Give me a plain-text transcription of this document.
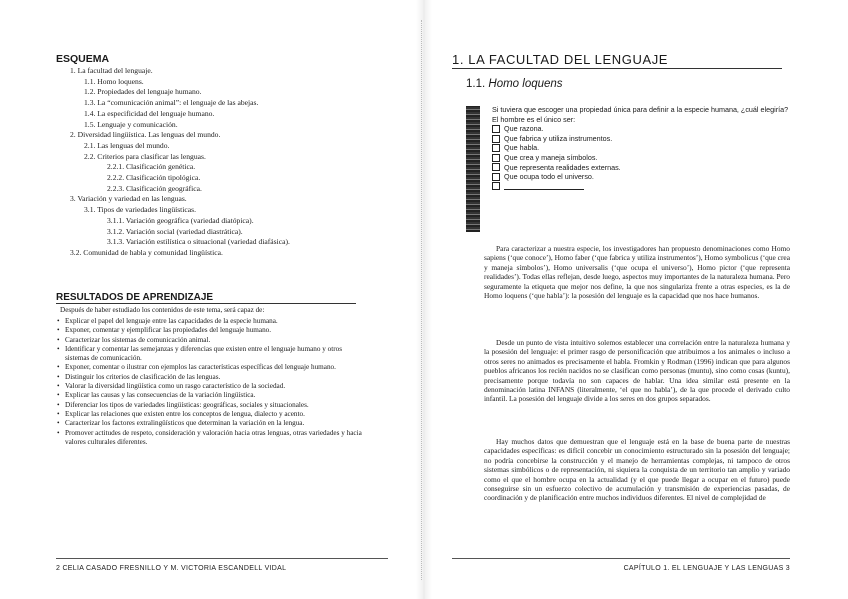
ESQUEMA
1. La facultad del lenguaje.
1.1. Homo loquens.
1.2. Propiedades del lenguaje humano.
1.3. La “comunicación animal”: el lenguaje de las abejas.
1.4. La especificidad del lenguaje humano.
1.5. Lenguaje y comunicación.
2. Diversidad lingüística. Las lenguas del mundo.
2.1. Las lenguas del mundo.
2.2. Criterios para clasificar las lenguas.
2.2.1. Clasificación genética.
2.2.2. Clasificación tipológica.
2.2.3. Clasificación geográfica.
3. Variación y variedad en las lenguas.
3.1. Tipos de variedades lingüísticas.
3.1.1. Variación geográfica (variedad diatópica).
3.1.2. Variación social (variedad diastrática).
3.1.3. Variación estilística o situacional (variedad diafásica).
3.2. Comunidad de habla y comunidad lingüística.
RESULTADOS DE APRENDIZAJE
Después de haber estudiado los contenidos de este tema, será capaz de:
• Explicar el papel del lenguaje entre las capacidades de la especie humana.
• Exponer, comentar y ejemplificar las propiedades del lenguaje humano.
• Caracterizar los sistemas de comunicación animal.
• Identificar y comentar las semejanzas y diferencias que existen entre el lenguaje humano y otros sistemas de comunicación.
• Exponer, comentar o ilustrar con ejemplos las características específicas del lenguaje humano.
• Distinguir los criterios de clasificación de las lenguas.
• Valorar la diversidad lingüística como un rasgo característico de la sociedad.
• Explicar las causas y las consecuencias de la variación lingüística.
• Diferenciar los tipos de variedades lingüísticas: geográficas, sociales y situacionales.
• Explicar las relaciones que existen entre los conceptos de lengua, dialecto y acento.
• Caracterizar los factores extralingüísticos que determinan la variación en la lengua.
• Promover actitudes de respeto, consideración y valoración hacia otras lenguas, otras variedades y hacia valores culturales diferentes.
2 CELIA CASADO FRESNILLO Y M. VICTORIA ESCANDELL VIDAL
1. LA FACULTAD DEL LENGUAJE
1.1. Homo loquens
Si tuviera que escoger una propiedad única para definir a la especie humana, ¿cuál elegiría?
El hombre es el único ser:
Que razona.
Que fabrica y utiliza instrumentos.
Que habla.
Que crea y maneja símbolos.
Que representa realidades externas.
Que ocupa todo el universo.

Para caracterizar a nuestra especie, los investigadores han propuesto denominaciones como Homo sapiens (‘que conoce’), Homo faber (‘que fabrica y utiliza instrumentos’), Homo symbolicus (‘que crea y maneja símbolos’), Homo universalis (‘que ocupa el universo’), Homo pictor (‘que representa realidades’). Todas ellas reflejan, desde luego, aspectos muy importantes de la naturaleza humana. Pero seguramente la etiqueta que mejor nos define, la que nos singulariza frente a otras especies, es la de Homo loquens (‘que habla’): la posesión del lenguaje es la capacidad que nos hace humanos.

Desde un punto de vista intuitivo solemos establecer una correlación entre la naturaleza humana y la posesión del lenguaje: el primer rasgo de personificación que atribuimos a los animales o incluso a otros seres no animados es precisamente el habla. Fromkin y Rodman (1996) indican que para algunos pueblos africanos los recién nacidos no se clasifican como personas (muntu), sino como cosas (kuntu), precisamente porque todavía no son capaces de hablar. Una idea similar está presente en la denominación latina INFANS (literalmente, ‘el que no habla’), de la que procede el derivado culto infantil. La posesión del lenguaje divide a los seres en dos grupos separados.

Hay muchos datos que demuestran que el lenguaje está en la base de buena parte de nuestras capacidades específicas: es difícil concebir un conocimiento estructurado sin la posesión del lenguaje; no podría concebirse la construcción y el manejo de herramientas complejas, ni tampoco de otros sistemas simbólicos o de representación, ni siquiera la conquista de un territorio tan amplio y variado como el que el hombre ocupa en la actualidad (y el que puede llegar a ocupar en el futuro) puede conseguirse sin un esfuerzo colectivo de acumulación y transmisión de experiencias pasadas, de coordinación y de planificación entre muchos individuos diferentes. El nivel de complejidad de

CAPÍTULO 1. EL LENGUAJE Y LAS LENGUAS 3
